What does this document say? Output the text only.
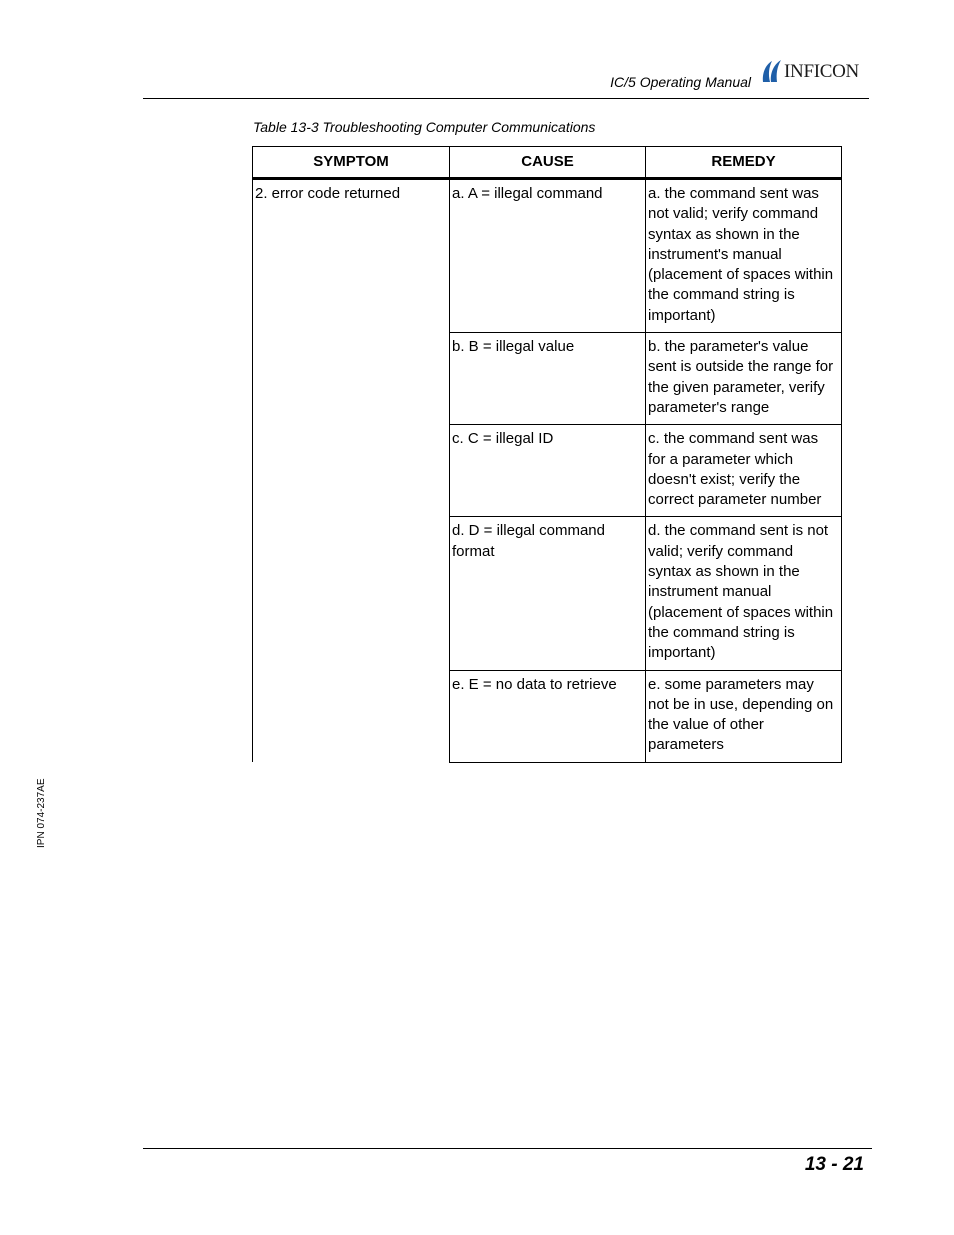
IC/5 Operating Manual INFICON
Table 13-3 Troubleshooting Computer Communications
SYMPTOM	CAUSE	REMEDY
2. error code returned	a. A = illegal command	a. the command sent was not valid; verify command syntax as shown in the instrument's manual (placement of spaces within the command string is important)
	b. B = illegal value	b. the parameter's value sent is outside the range for the given parameter, verify parameter's range
	c. C = illegal ID	c. the command sent was for a parameter which doesn't exist; verify the correct parameter number
	d. D = illegal command format	d. the command sent is not valid; verify command syntax as shown in the instrument manual (placement of spaces within the command string is important)
	e. E = no data to retrieve	e. some parameters may not be in use, depending on the value of other parameters
IPN 074-237AE
13 - 21
